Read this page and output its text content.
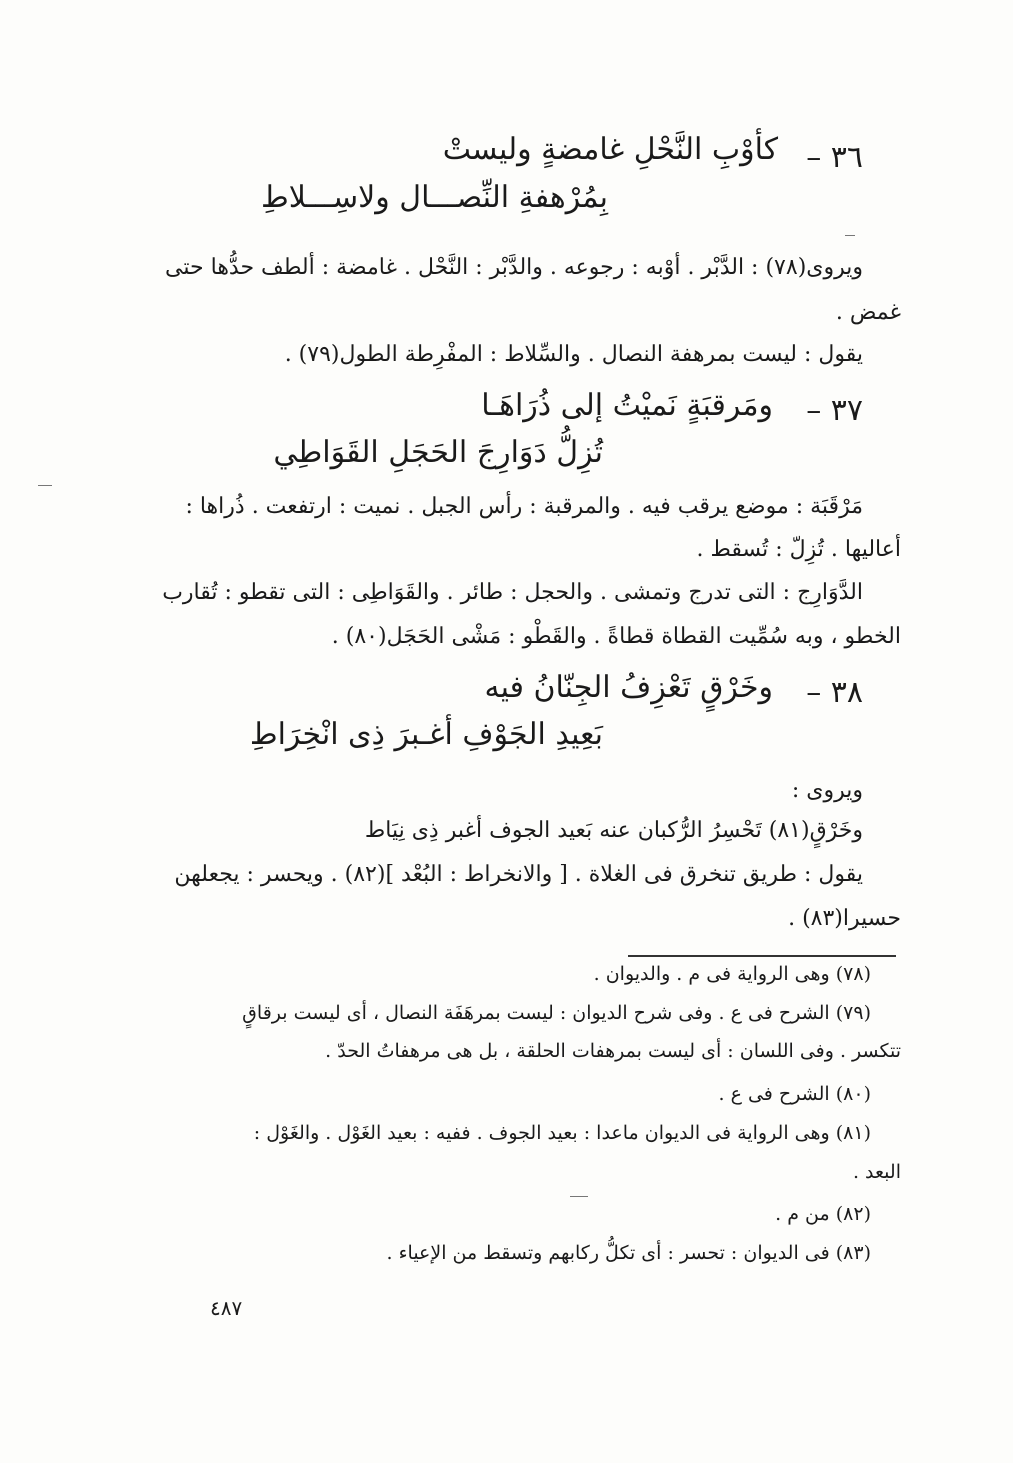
٣٦ –
كأوْبِ النَّحْلِ غامضةٍ وليستْ
بِمُرْهفةِ النِّصـــال ولاسِـــلاطِ
ويروى(٧٨) : الدَّبْر . أوْبه : رجوعه . والدَّبْر : النَّحْل . غامضة : ألطف حدُّها حتى
غمض .
يقول : ليست بمرهفة النصال . والسِّلاط : المفْرِطة الطول(٧٩) .
٣٧ –
ومَرقبَةٍ نَميْتُ إلى ذُرَاهَـا
تُزِلُّ دَوَارِجَ الحَجَلِ القَوَاطِي
مَرْقَبَة : موضع يرقب فيه . والمرقبة : رأس الجبل . نميت : ارتفعت . ذُراها :
أعاليها . تُزِلّ : تُسقط .
الدَّوَارِج : التى تدرج وتمشى . والحجل : طائر . والقَوَاطِى : التى تقطو : تُقارب
الخطو ، وبه سُمِّيت القطاة قطاةً . والقَطْو : مَشْى الحَجَل(٨٠) .
٣٨ –
وخَرْقٍ تَعْزِفُ الجِنّانُ فيه
بَعِيدِ الجَوْفِ أغـبرَ ذِى انْخِرَاطِ
ويروى :
وخَرْقٍ(٨١) تَحْسِرُ الرُّكبان عنه بَعيد الجوف أغبر ذِى نِيَاط
يقول : طريق تنخرق فى الغلاة . [ والانخراط : البُعْد ](٨٢) . ويحسر : يجعلهن
حسيرا(٨٣) .
(٧٨) وهى الرواية فى م . والديوان .
(٧٩) الشرح فى ع . وفى شرح الديوان : ليست بمرهَفَة النصال ، أى ليست برقاقٍ
تتكسر . وفى اللسان : أى ليست بمرهفات الحلقة ، بل هى مرهفاتُ الحدّ .
(٨٠) الشرح فى ع .
(٨١) وهى الرواية فى الديوان ماعدا : بعيد الجوف . ففيه : بعيد الغَوْل . والغَوْل :
البعد .
(٨٢) من م .
(٨٣) فى الديوان : تحسر : أى تكلُّ ركابهم وتسقط من الإعياء .
٤٨٧
